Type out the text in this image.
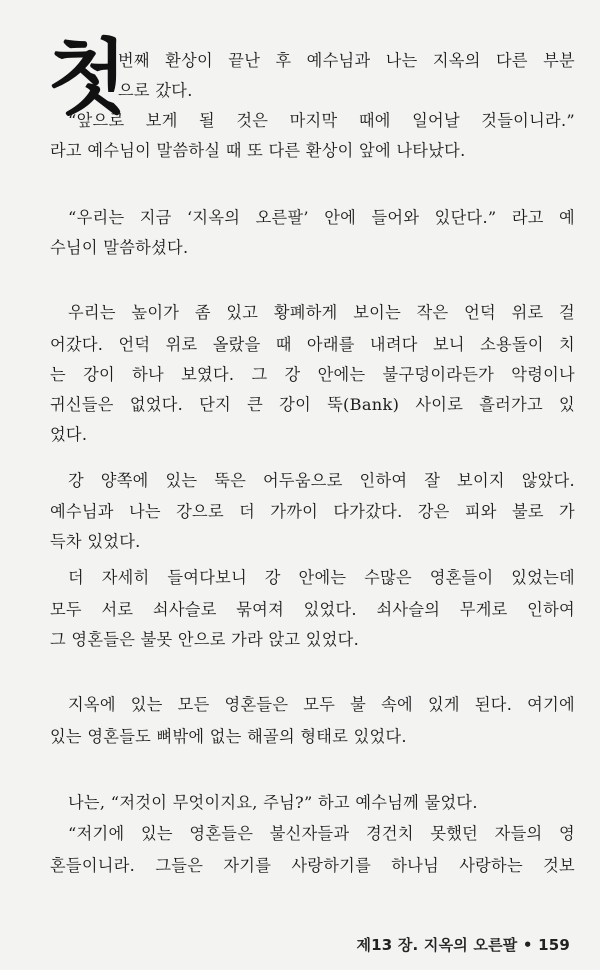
첫
번째 환상이 끝난 후 예수님과 나는 지옥의 다른 부분
으로 갔다.
“앞으로 보게 될 것은 마지막 때에 일어날 것들이니라.”
라고 예수님이 말씀하실 때 또 다른 환상이 앞에 나타났다.
“우리는 지금 ‘지옥의 오른팔’ 안에 들어와 있단다.” 라고 예
수님이 말씀하셨다.
우리는 높이가 좀 있고 황폐하게 보이는 작은 언덕 위로 걸
어갔다. 언덕 위로 올랐을 때 아래를 내려다 보니 소용돌이 치
는 강이 하나 보였다. 그 강 안에는 불구덩이라든가 악령이나
귀신들은 없었다. 단지 큰 강이 뚝(Bank) 사이로 흘러가고 있
었다.
강 양쪽에 있는 뚝은 어두움으로 인하여 잘 보이지 않았다.
예수님과 나는 강으로 더 가까이 다가갔다. 강은 피와 불로 가
득차 있었다.
더 자세히 들여다보니 강 안에는 수많은 영혼들이 있었는데
모두 서로 쇠사슬로 묶여져 있었다. 쇠사슬의 무게로 인하여
그 영혼들은 불못 안으로 가라 앉고 있었다.
지옥에 있는 모든 영혼들은 모두 불 속에 있게 된다. 여기에
있는 영혼들도 뼈밖에 없는 해골의 형태로 있었다.
나는, “저것이 무엇이지요, 주님?” 하고 예수님께 물었다.
“저기에 있는 영혼들은 불신자들과 경건치 못했던 자들의 영
혼들이니라. 그들은 자기를 사랑하기를 하나님 사랑하는 것보
제13 장. 지옥의 오른팔 • 159
